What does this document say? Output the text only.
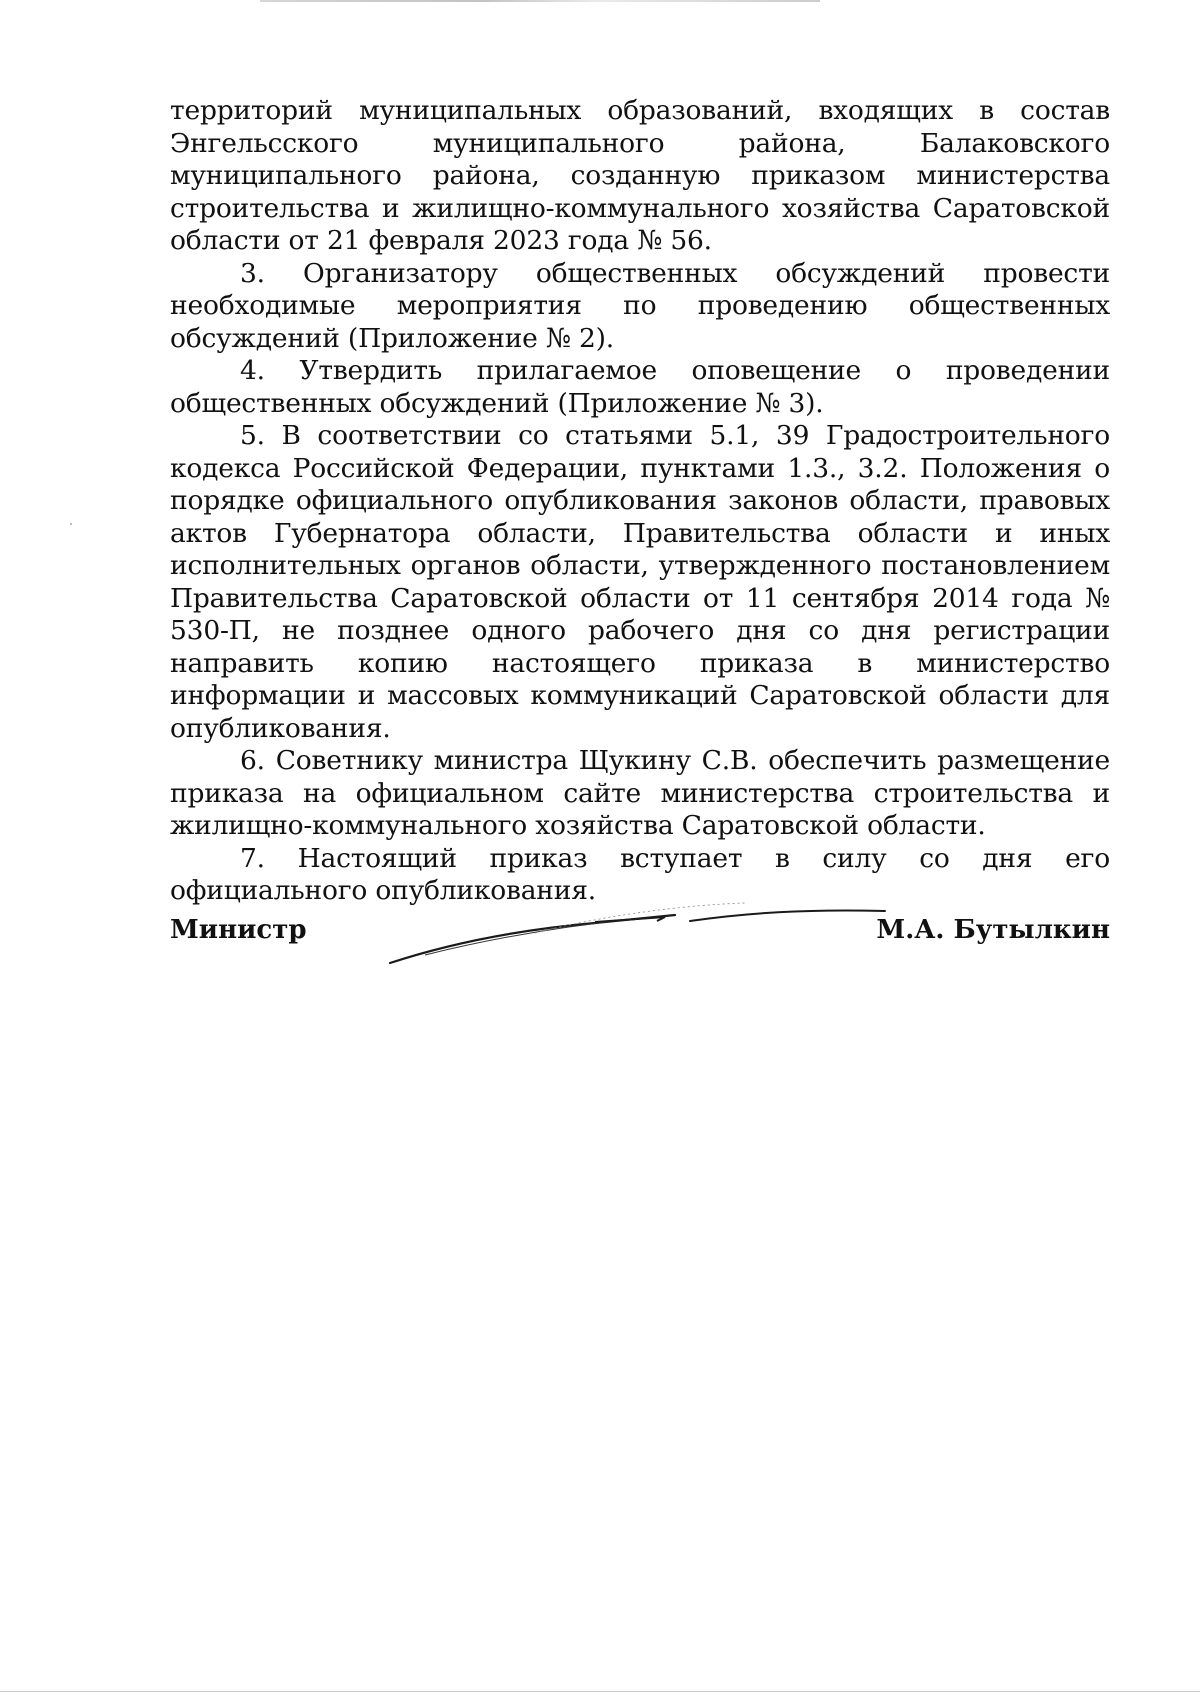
территорий муниципальных образований, входящих в состав Энгельсского муниципального района, Балаковского муниципального района, созданную приказом министерства строительства и жилищно-коммунального хозяйства Саратовской области от 21 февраля 2023 года № 56.

3. Организатору общественных обсуждений провести необходимые мероприятия по проведению общественных обсуждений (Приложение № 2).

4. Утвердить прилагаемое оповещение о проведении общественных обсуждений (Приложение № 3).

5. В соответствии со статьями 5.1, 39 Градостроительного кодекса Российской Федерации, пунктами 1.3., 3.2. Положения о порядке официального опубликования законов области, правовых актов Губернатора области, Правительства области и иных исполнительных органов области, утвержденного постановлением Правительства Саратовской области от 11 сентября 2014 года № 530-П, не позднее одного рабочего дня со дня регистрации направить копию настоящего приказа в министерство информации и массовых коммуникаций Саратовской области для опубликования.

6. Советнику министра Щукину С.В. обеспечить размещение приказа на официальном сайте министерства строительства и жилищно-коммунального хозяйства Саратовской области.

7. Настоящий приказ вступает в силу со дня его официального опубликования.

Министр	М.А. Бутылкин
